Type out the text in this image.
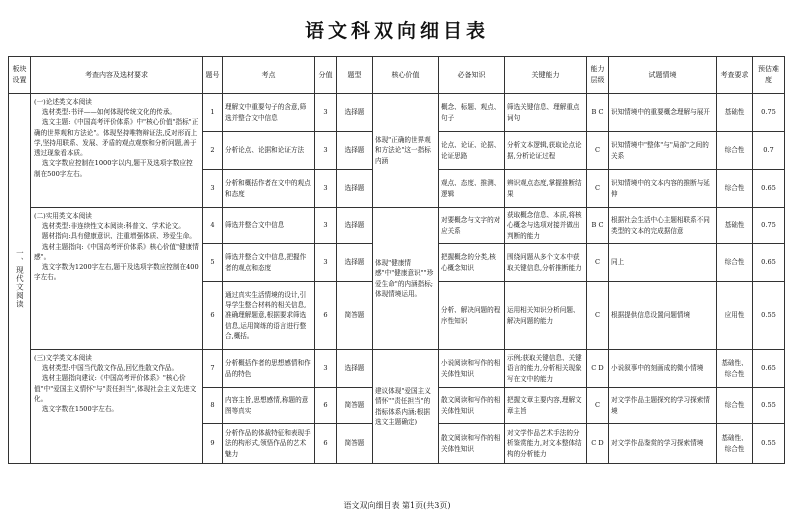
语文科双向细目表
板块设置	考查内容及选材要求	题号	考点	分值	题型	核心价值	必备知识	关键能力	能力层级	试题情境	考查要求	预估难度

一、现代文阅读	(一)论述类文本阅读
选材类型:书评——如何体现传统文化的传承。
选文主题:《中国高考评价体系》中"核心价值"指标"正确的世界观和方法论"。体现坚持唯物辩证法,反对形而上学,坚持用联系、发展、矛盾的观点观察和分析问题,善于透过现象看本质。
选文字数应控制在1000字以内,题干及选项字数应控制在500字左右。	1	理解文中重要句子的含意,筛选并整合文中信息	3	选择题	体现"正确的世界观和方法论"这一指标内涵	概念、标题、观点、句子	筛选关键信息、理解重点词句	B C	识知情境中的重要概念理解与展开	基础性	0.75
		2	分析论点、论据和论证方法	3	选择题		论点、论证、论据、论证思路	分析文本逻辑,获取论点论据,分析论证过程	C	识知情境中"整体"与"局部"之间的关系	综合性	0.7
		3	分析和概括作者在文中的观点和态度	3	选择题		观点、态度、推测、逻辑	辨识观点态度,掌握推断结果	C	识知情境中的文本内容的推断与延伸	综合性	0.65

	(二)实用类文本阅读
选材类型:非连续性文本阅读:科普文、学术论文。
题材指向:具有健康意识、注重增强体质、珍爱生命。
选材主题指向:《中国高考评价体系》核心价值"健康情感"。
选文字数为1200字左右,题干及选项字数应控制在400字左右。	4	筛选并整合文中信息	3	选择题	体现"健康情感"中"健康意识""珍爱生命"的内涵指标;体现情境运用。	对要概念与文字的对应关系	获取概念信息、本质,将核心概念与选项对接并做出判断的能力	B C	根据社会生活中心主题相联系不同类型的文本的完成据信意	基础性	0.75
		5	筛选并整合文中信息,把握作者的观点和态度	3	选择题		把握概念的分类,核心概念知识	围绕问题从多个文本中获取关键信息,分析推断能力	C	同上	综合性	0.65
		6	通过真实生活情境的设计,引导学生整合材料的相关信息,准确理解题意,根据要求筛选信息,运用简练的语言进行整合,概括。	6	简答题		分析、解决问题的程序性知识	运用相关知识分析问题、解决问题的能力	C	根据提供信息设置问题情境	应用性	0.55

	(三)文学类文本阅读
选材类型:中国当代散文作品,回忆性散文作品。
选材主题指向建议:《中国高考评价体系》"核心价值"中"爱国主义情怀"与"责任担当",体现社会主义先进文化。
选文字数在1500字左右。	7	分析概括作者的思想感情和作品的特色	3	选择题	建议体现"爱国主义情怀""责任担当"的指标体系内涵;根据选文主题确定)	小说阅读和写作的相关体性知识	示例;获取关键信息、关键语言的能力,分析相关现象写在文中的能力	C D	小说叙事中的刻画成的微小情境	基础性、综合性	0.65
		8	内容主旨,思想感情,称题的意图等真实	6	简答题		散文阅读和写作的相关体性知识	把握文章主要内容,理解文章主旨	C	对文学作品主题探究的学习探索情境	综合性	0.55
		9	分析作品的体裁特征和表现手法的构形式,领悟作品的艺术魅力	6	简答题		散文阅读和写作的相关体性知识	对文学作品艺术手法的分析鉴赏能力,对文本整体结构的分析能力	C D	对文学作品鉴赏的学习探索情境	基础性、综合性	0.55
语文双向细目表 第1页(共3页)
